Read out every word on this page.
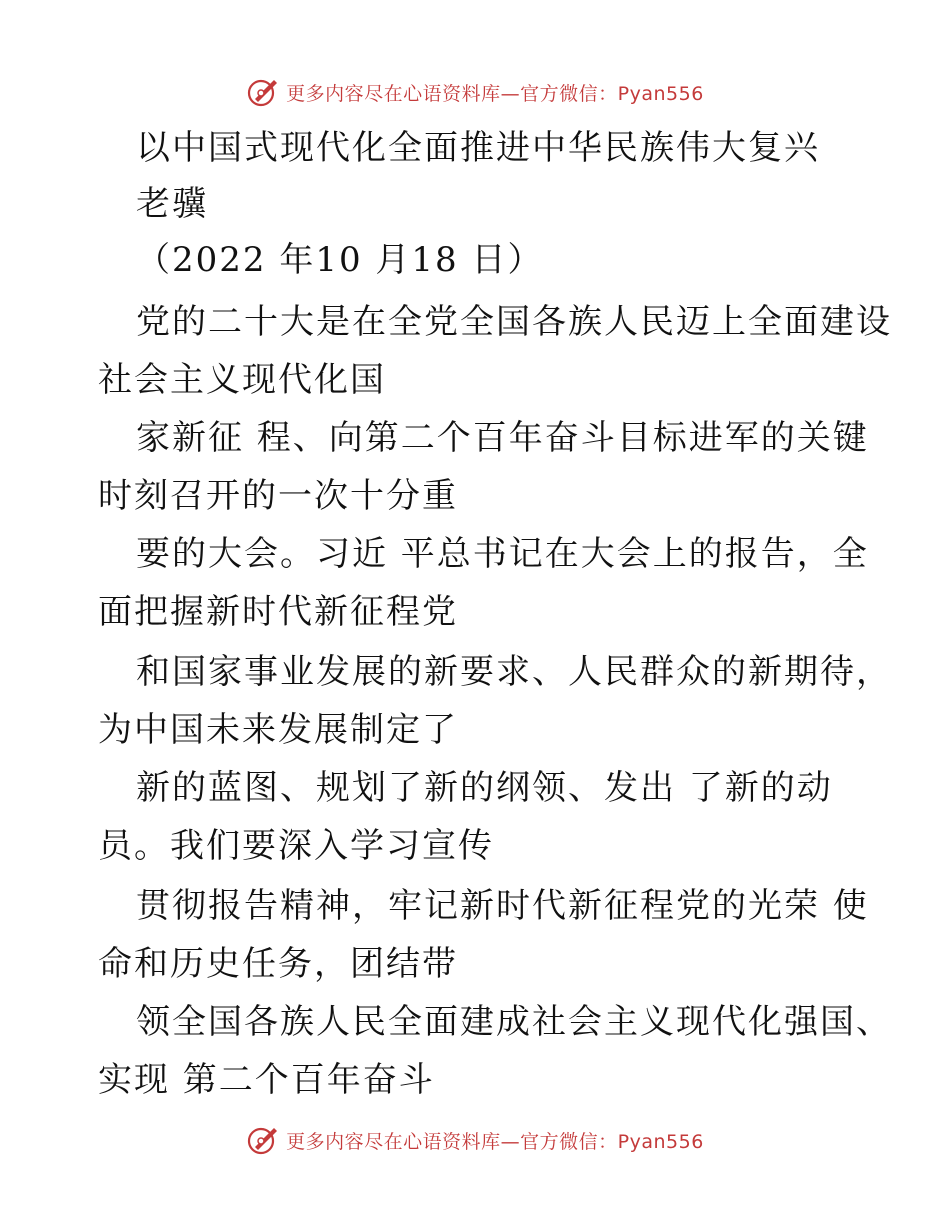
更多内容尽在心语资料库—官方微信：Pyan556
以中国式现代化全面推进中华民族伟大复兴
老骥
（2022 年10 月18 日）
党的二十大是在全党全国各族人民迈上全面建设
社会主义现代化国
家新征 程、向第二个百年奋斗目标进军的关键
时刻召开的一次十分重
要的大会。习近 平总书记在大会上的报告，全
面把握新时代新征程党
和国家事业发展的新要求、人民群众的新期待，
为中国未来发展制定了
新的蓝图、规划了新的纲领、发出 了新的动
员。我们要深入学习宣传
贯彻报告精神，牢记新时代新征程党的光荣 使
命和历史任务，团结带
领全国各族人民全面建成社会主义现代化强国、
实现 第二个百年奋斗
更多内容尽在心语资料库—官方微信：Pyan556
